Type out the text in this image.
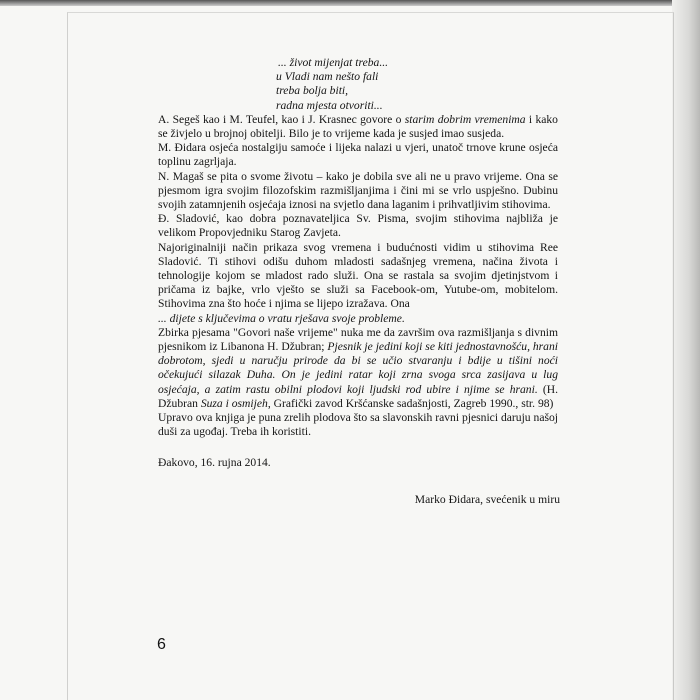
... život mijenjat treba...
u Vladi nam nešto fali
treba bolja biti,
radna mjesta otvoriti...

A. Segeš kao i M. Teufel, kao i J. Krasnec govore o starim dobrim vremenima i kako se živjelo u brojnoj obitelji. Bilo je to vrijeme kada je susjed imao susjeda.

M. Đidara osjeća nostalgiju samoće i lijeka nalazi u vjeri, unatoč trnove krune osjeća toplinu zagrljaja.

N. Magaš se pita o svome životu – kako je dobila sve ali ne u pravo vrijeme. Ona se pjesmom igra svojim filozofskim razmišljanjima i čini mi se vrlo uspješno. Dubinu svojih zatamnjenih osjećaja iznosi na svjetlo dana laganim i prihvatljivim stihovima.

Đ. Sladović, kao dobra poznavateljica Sv. Pisma, svojim stihovima najbliža je velikom Propovjedniku Starog Zavjeta.

Najoriginalniji način prikaza svog vremena i budućnosti vidim u stihovima Ree Sladović. Ti stihovi odišu duhom mladosti sadašnjeg vremena, načina života i tehnologije kojom se mladost rado služi. Ona se rastala sa svojim djetinjstvom i pričama iz bajke, vrlo vješto se služi sa Facebook-om, Yutube-om, mobitelom. Stihovima zna što hoće i njima se lijepo izražava. Ona

... dijete s ključevima o vratu rješava svoje probleme.

Zbirka pjesama "Govori naše vrijeme" nuka me da završim ova razmišljanja s divnim pjesnikom iz Libanona H. Džubran; Pjesnik je jedini koji se kiti jednostavnošću, hrani dobrotom, sjedi u naručju prirode da bi se učio stvaranju i bdije u tišini noći očekujući silazak Duha. On je jedini ratar koji zrna svoga srca zasijava u lug osjećaja, a zatim rastu obilni plodovi koji ljudski rod ubire i njime se hrani. (H. Džubran Suza i osmijeh, Grafički zavod Kršćanske sadašnjosti, Zagreb 1990., str. 98)

Upravo ova knjiga je puna zrelih plodova što sa slavonskih ravni pjesnici daruju našoj duši za ugođaj. Treba ih koristiti.

Đakovo, 16. rujna 2014.
Marko Đidara, svećenik u miru
6
